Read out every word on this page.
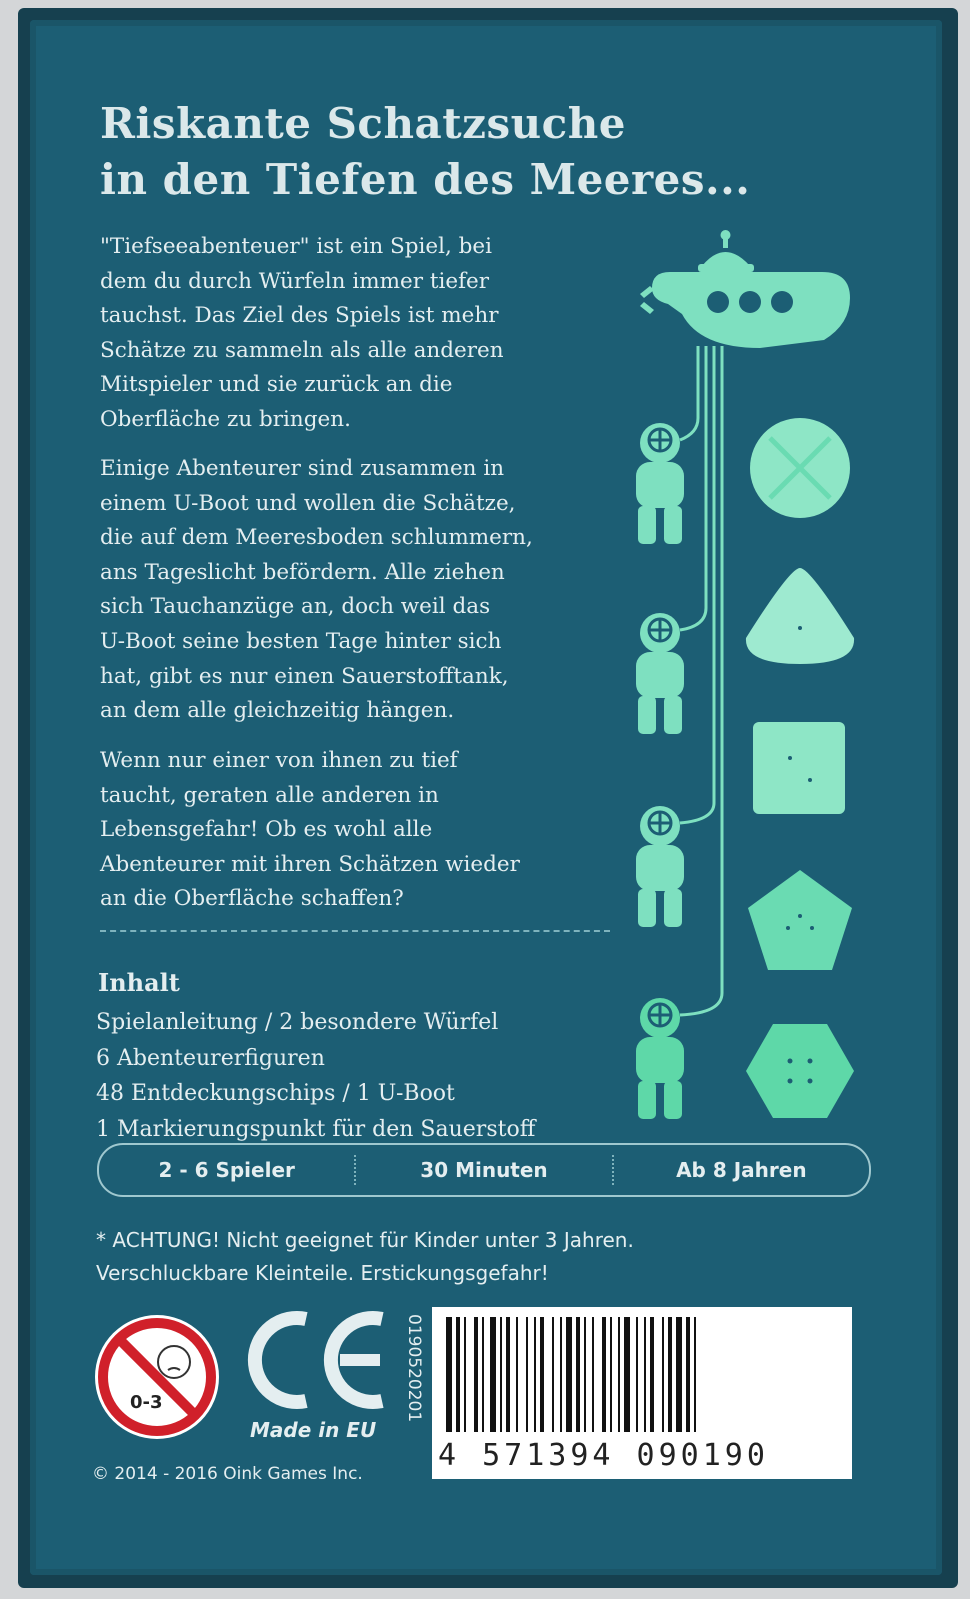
Riskante Schatzsuche
in den Tiefen des Meeres...
"Tiefseeabenteuer" ist ein Spiel, bei
dem du durch Würfeln immer tiefer
tauchst. Das Ziel des Spiels ist mehr
Schätze zu sammeln als alle anderen
Mitspieler und sie zurück an die
Oberfläche zu bringen.
Einige Abenteurer sind zusammen in
einem U-Boot und wollen die Schätze,
die auf dem Meeresboden schlummern,
ans Tageslicht befördern. Alle ziehen
sich Tauchanzüge an, doch weil das
U-Boot seine besten Tage hinter sich
hat, gibt es nur einen Sauerstofftank,
an dem alle gleichzeitig hängen.
Wenn nur einer von ihnen zu tief
taucht, geraten alle anderen in
Lebensgefahr! Ob es wohl alle
Abenteurer mit ihren Schätzen wieder
an die Oberfläche schaffen?
Inhalt
Spielanleitung / 2 besondere Würfel
6 Abenteurerfiguren
48 Entdeckungschips / 1 U-Boot
1 Markierungspunkt für den Sauerstoff
2 - 6 Spieler	30 Minuten	Ab 8 Jahren
* ACHTUNG! Nicht geeignet für Kinder unter 3 Jahren.
Verschluckbare Kleinteile. Erstickungsgefahr!
0-3
Made in EU
© 2014 - 2016 Oink Games Inc.
0190520201
4 571394 090190
